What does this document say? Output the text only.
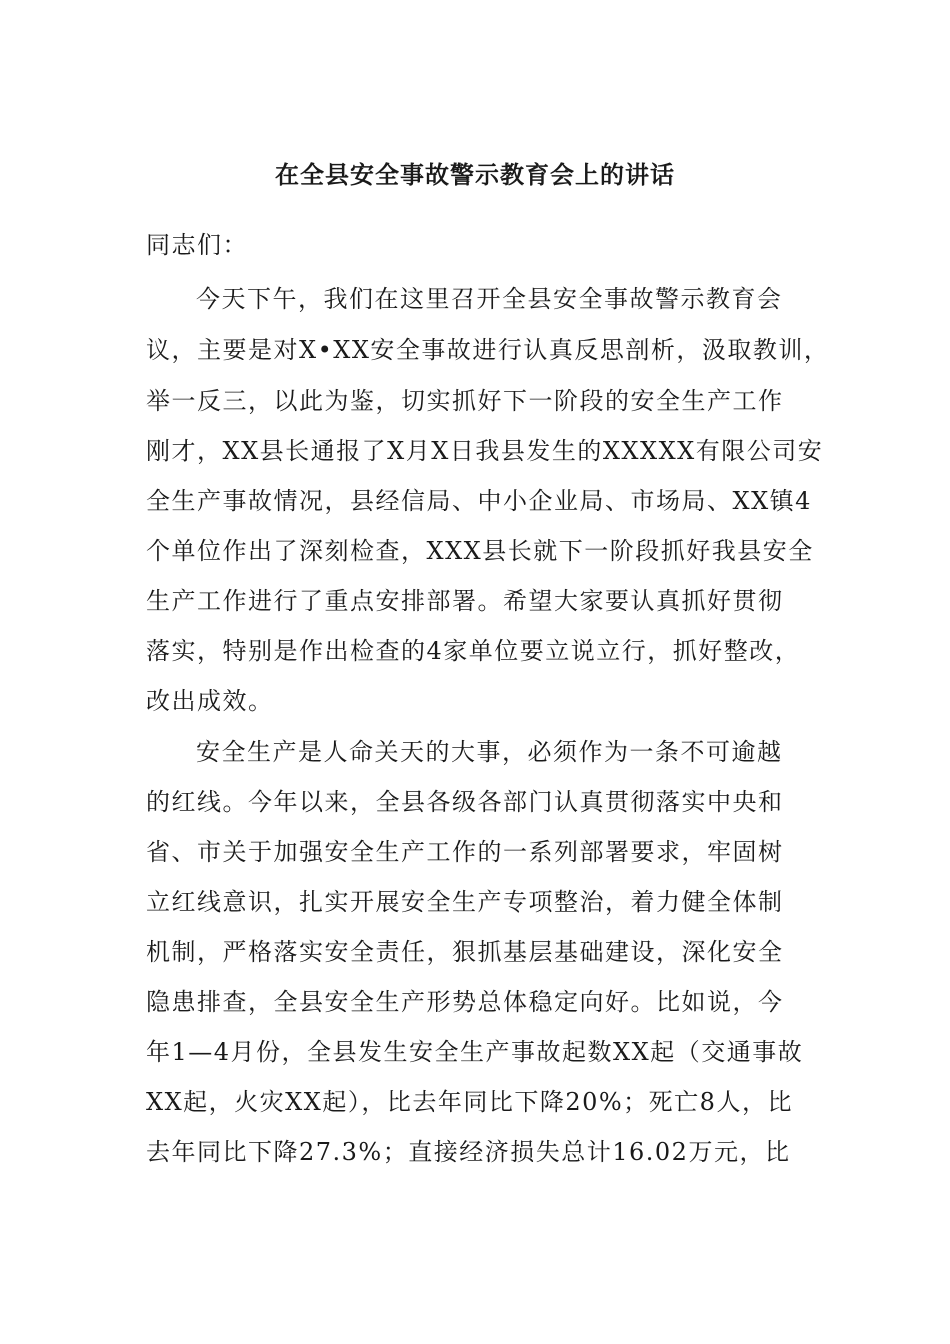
在全县安全事故警示教育会上的讲话
同志们：
今天下午，我们在这里召开全县安全事故警示教育会
议，主要是对X•XX安全事故进行认真反思剖析，汲取教训，
举一反三，以此为鉴，切实抓好下一阶段的安全生产工作
刚才，XX县长通报了X月X日我县发生的XXXXX有限公司安
全生产事故情况，县经信局、中小企业局、市场局、XX镇4
个单位作出了深刻检查，XXX县长就下一阶段抓好我县安全
生产工作进行了重点安排部署。希望大家要认真抓好贯彻
落实，特别是作出检查的4家单位要立说立行，抓好整改，
改出成效。
安全生产是人命关天的大事，必须作为一条不可逾越
的红线。今年以来，全县各级各部门认真贯彻落实中央和
省、市关于加强安全生产工作的一系列部署要求，牢固树
立红线意识，扎实开展安全生产专项整治，着力健全体制
机制，严格落实安全责任，狠抓基层基础建设，深化安全
隐患排查，全县安全生产形势总体稳定向好。比如说，今
年1—4月份，全县发生安全生产事故起数XX起（交通事故
XX起，火灾XX起），比去年同比下降20%；死亡8人，比
去年同比下降27.3%；直接经济损失总计16.02万元，比
